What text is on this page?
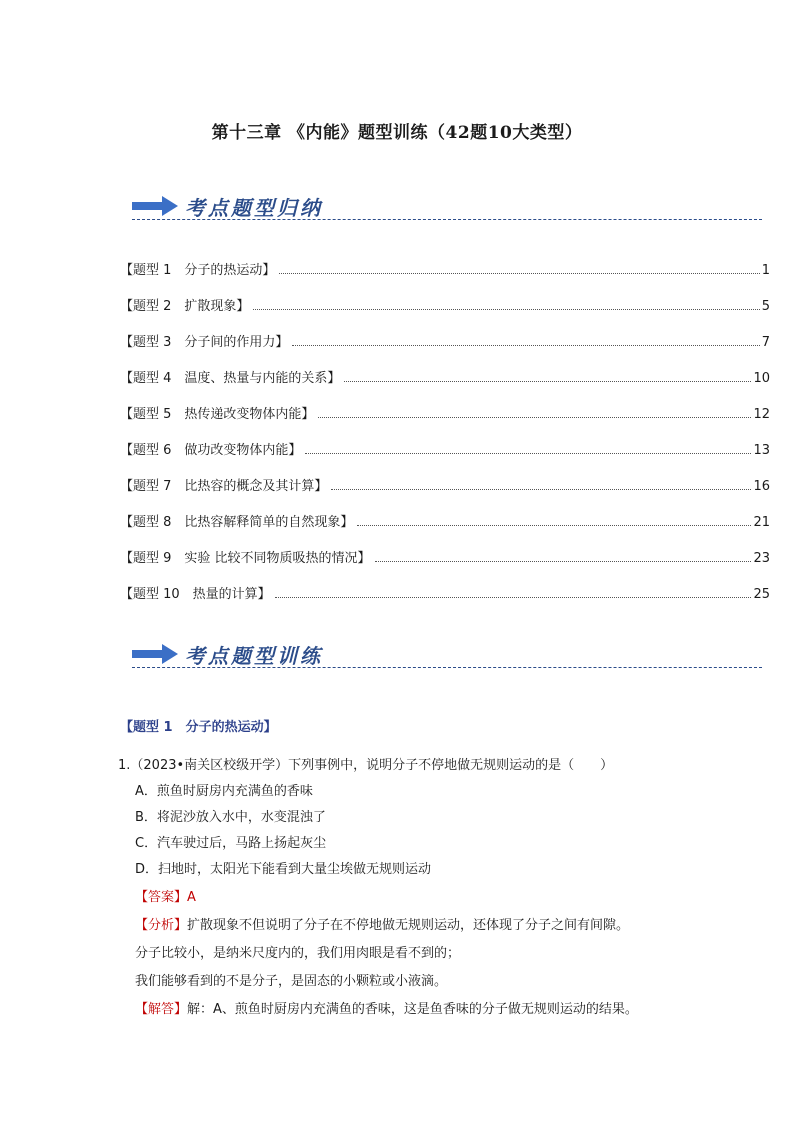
第十三章 《内能》题型训练（42题10大类型）
考点题型归纳
【题型 1　分子的热运动】	1
【题型 2　扩散现象】	5
【题型 3　分子间的作用力】	7
【题型 4　温度、热量与内能的关系】	10
【题型 5　热传递改变物体内能】	12
【题型 6　做功改变物体内能】	13
【题型 7　比热容的概念及其计算】	16
【题型 8　比热容解释简单的自然现象】	21
【题型 9　实验 比较不同物质吸热的情况】	23
【题型 10　热量的计算】	25
考点题型训练
【题型 1　分子的热运动】
1.（2023•南关区校级开学）下列事例中，说明分子不停地做无规则运动的是（　　）
A．煎鱼时厨房内充满鱼的香味
B．将泥沙放入水中，水变混浊了
C．汽车驶过后，马路上扬起灰尘
D．扫地时，太阳光下能看到大量尘埃做无规则运动
【答案】A
【分析】扩散现象不但说明了分子在不停地做无规则运动，还体现了分子之间有间隙。
分子比较小，是纳米尺度内的，我们用肉眼是看不到的；
我们能够看到的不是分子，是固态的小颗粒或小液滴。
【解答】解：A、煎鱼时厨房内充满鱼的香味，这是鱼香味的分子做无规则运动的结果。
